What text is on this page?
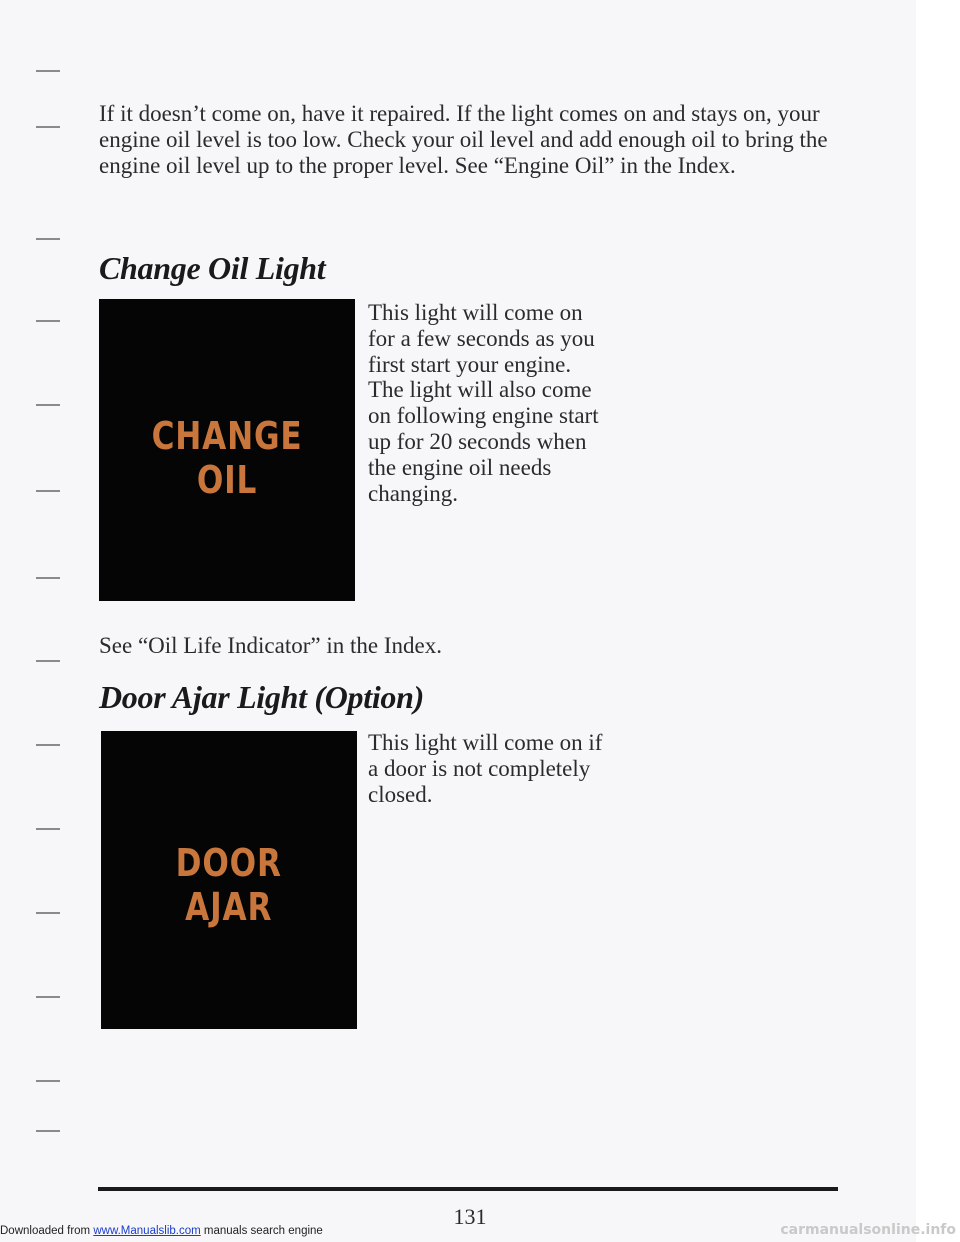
If it doesn’t come on, have it repaired. If the light comes on and stays on, your engine oil level is too low. Check your oil level and add enough oil to bring the engine oil level up to the proper level. See “Engine Oil” in the Index.

Change Oil Light
CHANGE
OIL

This light will come on for a few seconds as you first start your engine. The light will also come on following engine start up for 20 seconds when the engine oil needs changing.

See “Oil Life Indicator” in the Index.

Door Ajar Light (Option)
DOOR
AJAR

This light will come on if a door is not completely closed.

131
Downloaded from www.Manualslib.com manuals search engine	carmanualsonline.info
